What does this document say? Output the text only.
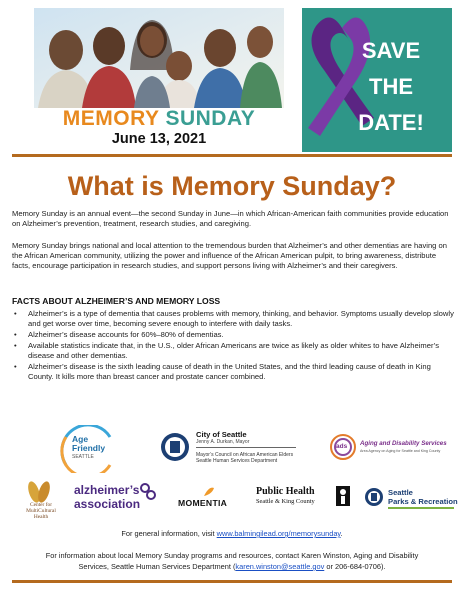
MEMORY SUNDAY
June 13, 2021
SAVE
THE
DATE!
What is Memory Sunday?
Memory Sunday is an annual event—the second Sunday in June—in which African-American faith communities provide education on Alzheimer’s prevention, treatment, research studies, and caregiving.
Memory Sunday brings national and local attention to the tremendous burden that Alzheimer’s and other dementias are having on the African American community, utilizing the power and influence of the African American pulpit, to bring awareness, distribute facts, encourage participation in research studies, and support persons living with Alzheimer’s and their caregivers.
FACTS ABOUT ALZHEIMER’S AND MEMORY LOSS
• Alzheimer’s is a type of dementia that causes problems with memory, thinking, and behavior. Symptoms usually develop slowly and get worse over time, becoming severe enough to interfere with daily tasks.
• Alzheimer’s disease accounts for 60%–80% of dementias.
• Available statistics indicate that, in the U.S., older African Americans are twice as likely as older whites to have Alzheimer’s disease and other dementias.
• Alzheimer’s disease is the sixth leading cause of death in the United States, and the third leading cause of death in King County. It kills more than breast cancer and prostate cancer combined.
Age
Friendly
SEATTLE
City of Seattle
Jenny A. Durkan, Mayor
Mayor’s Council on African American Elders
Seattle Human Services Department
ads Aging and Disability Services
Area Agency on Aging for Seattle and King County
Center for
MultiCultural
Health
alzheimer’s
association	MOMENTIA
Public Health
Seattle & King County
Seattle
Parks & Recreation
For general information, visit www.balmingilead.org/memorysunday.
For information about local Memory Sunday programs and resources, contact Karen Winston, Aging and Disability
Services, Seattle Human Services Department (karen.winston@seattle.gov or 206-684-0706).
